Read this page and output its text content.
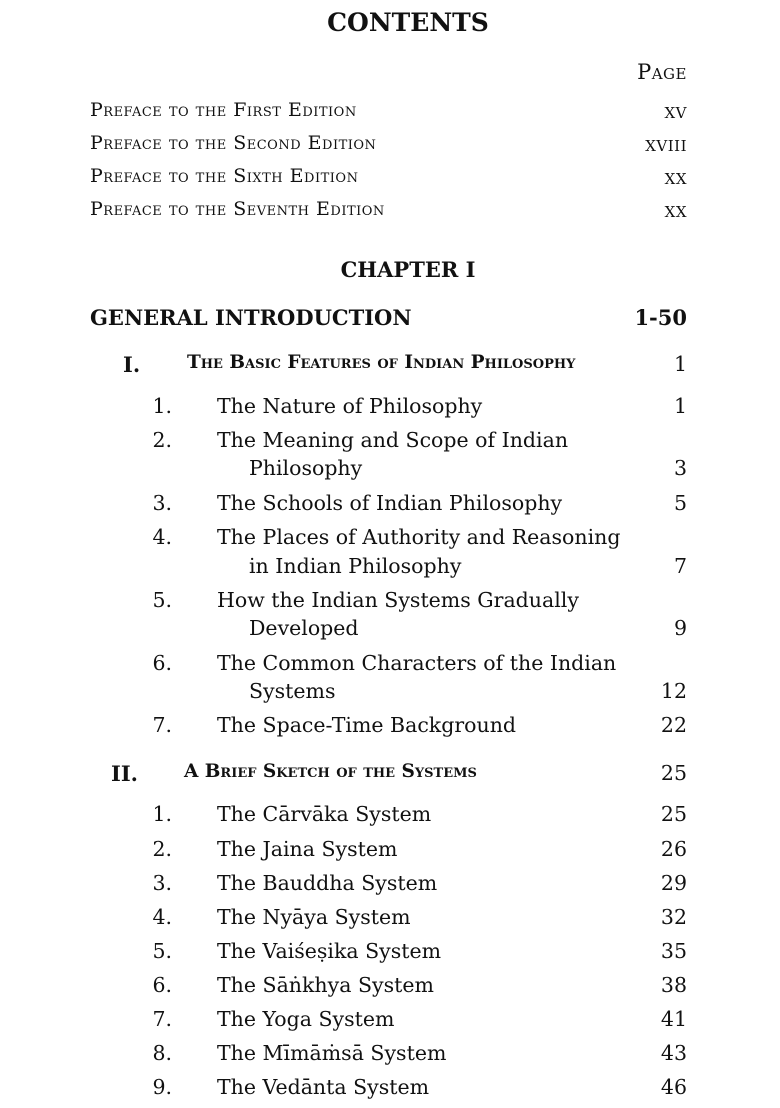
CONTENTS
Page
Preface to the First Edition	xv
Preface to the Second Edition	xviii
Preface to the Sixth Edition	xx
Preface to the Seventh Edition	xx
CHAPTER I
GENERAL INTRODUCTION	1-50
I.	The Basic Features of Indian Philosophy	1
1. The Nature of Philosophy	1
2. The Meaning and Scope of Indian
Philosophy	3
3. The Schools of Indian Philosophy	5
4. The Places of Authority and Reasoning
in Indian Philosophy	7
5. How the Indian Systems Gradually
Developed	9
6. The Common Characters of the Indian
Systems	12
7. The Space-Time Background	22
II. A Brief Sketch of the Systems	25
1. The Cārvāka System	25
2. The Jaina System	26
3. The Bauddha System	29
4. The Nyāya System	32
5. The Vaiśeṣika System	35
6. The Sāṅkhya System	38
7. The Yoga System	41
8. The Mīmāṁsā System	43
9. The Vedānta System	46
